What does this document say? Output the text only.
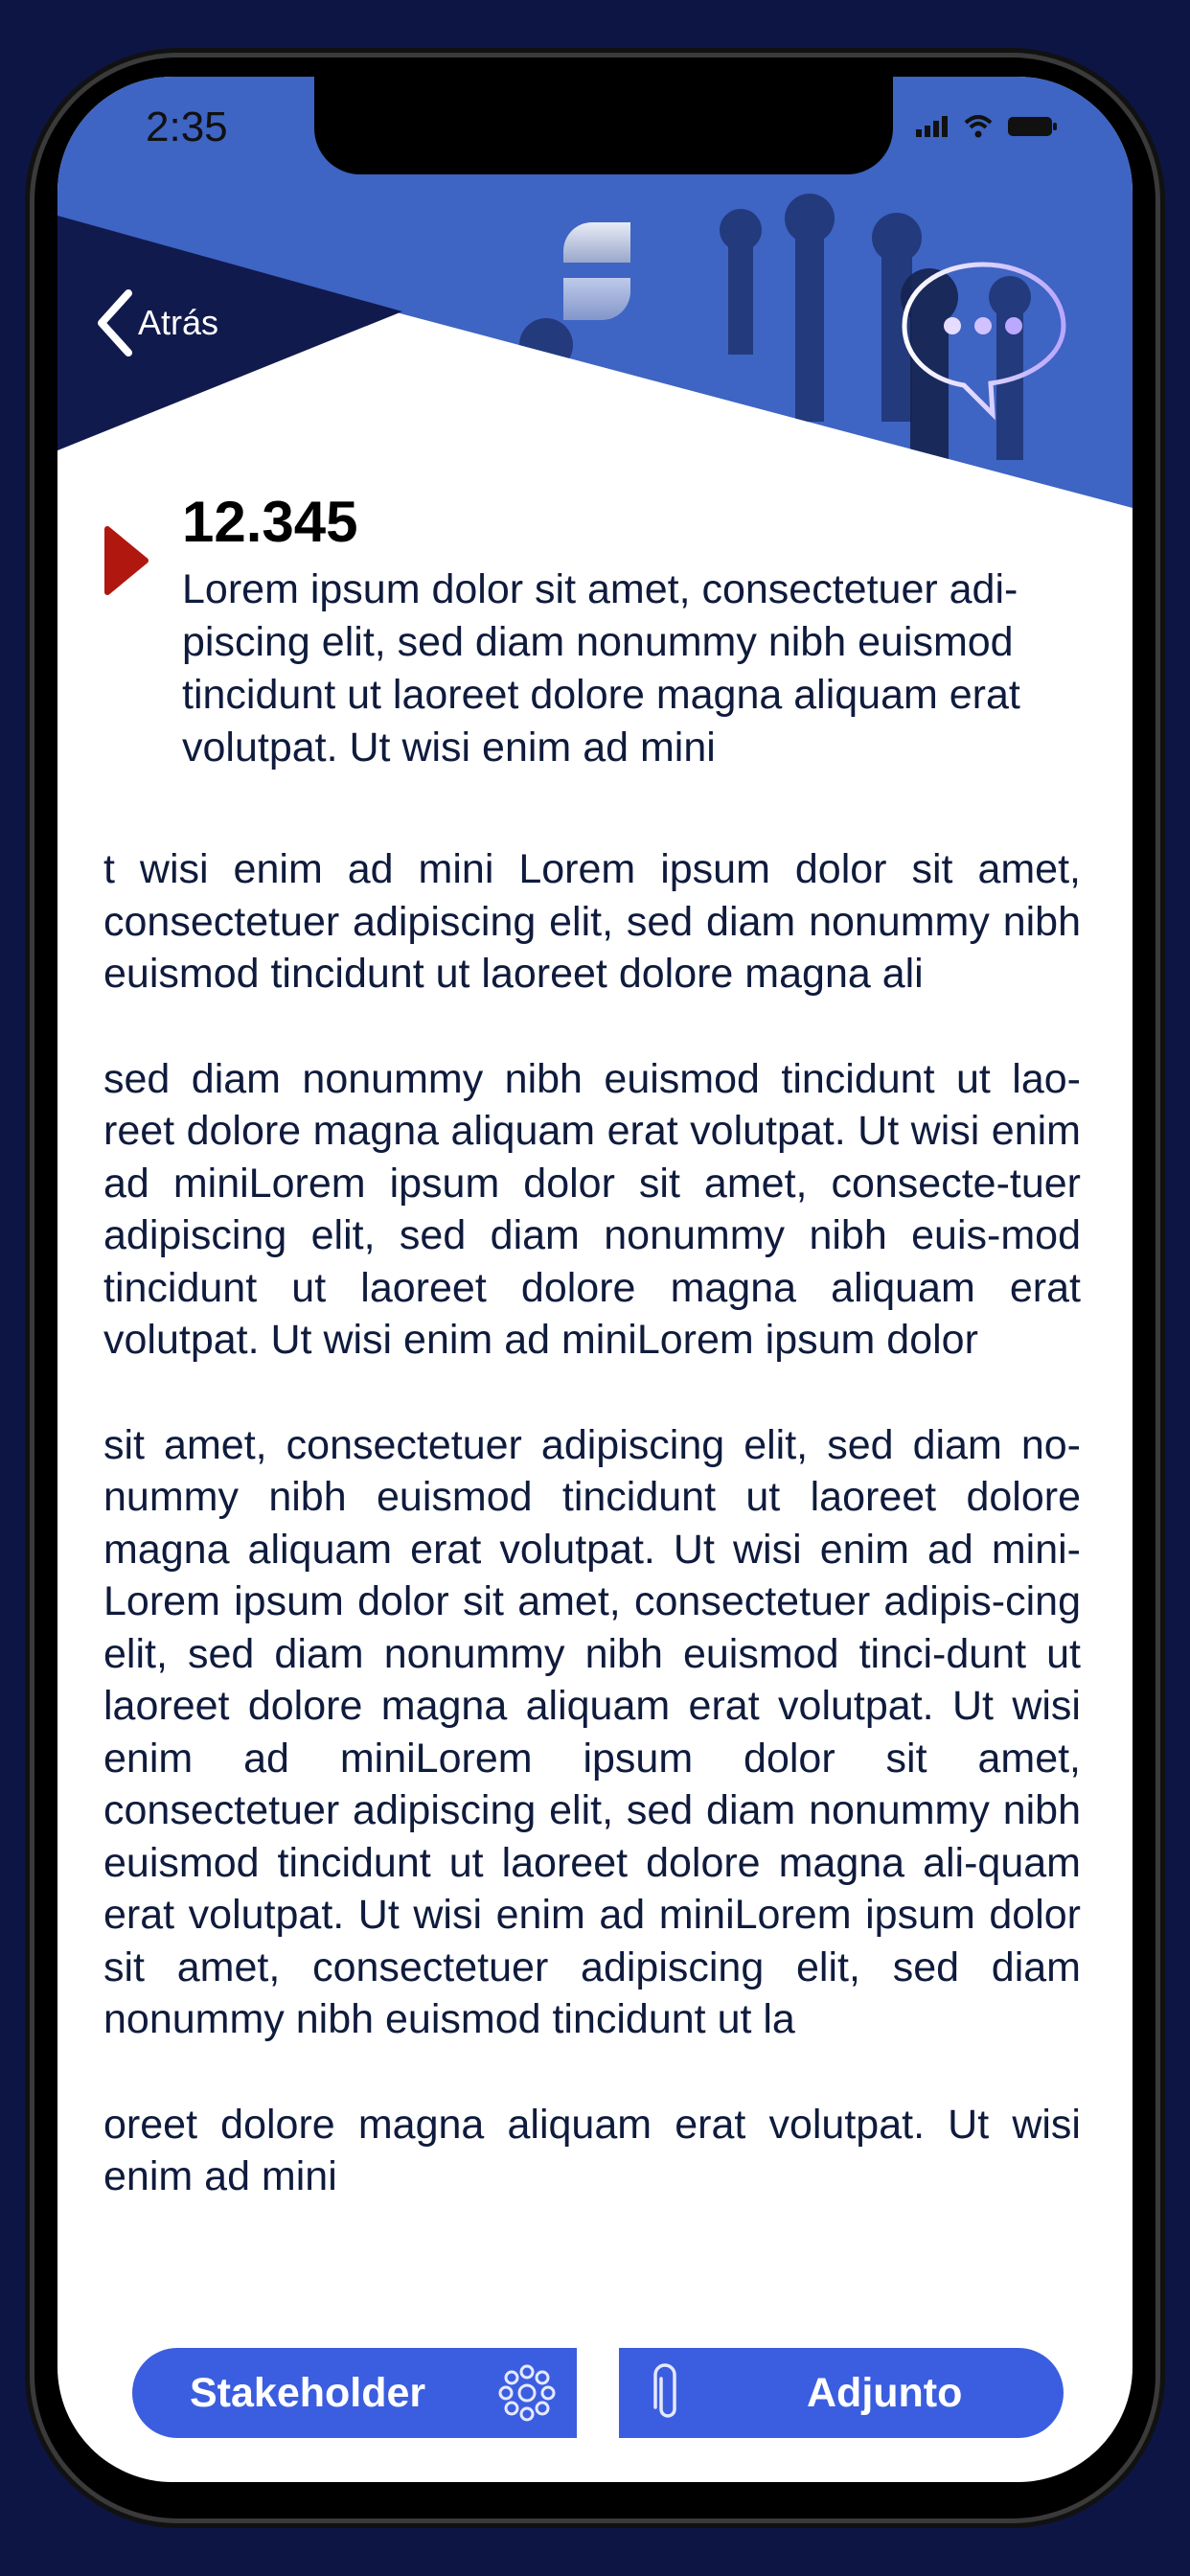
2:35
Atrás
12.345

Lorem ipsum dolor sit amet, consectetuer adi-piscing elit, sed diam nonummy nibh euismod tincidunt ut laoreet dolore magna aliquam erat volutpat. Ut wisi enim ad mini

t wisi enim ad mini Lorem ipsum dolor sit amet, consectetuer adipiscing elit, sed diam nonummy nibh euismod tincidunt ut laoreet dolore magna ali

sed diam nonummy nibh euismod tincidunt ut lao-reet dolore magna aliquam erat volutpat. Ut wisi enim ad miniLorem ipsum dolor sit amet, consecte-tuer adipiscing elit, sed diam nonummy nibh euis-mod tincidunt ut laoreet dolore magna aliquam erat volutpat. Ut wisi enim ad miniLorem ipsum dolor

sit amet, consectetuer adipiscing elit, sed diam no-nummy nibh euismod tincidunt ut laoreet dolore magna aliquam erat volutpat. Ut wisi enim ad mini-Lorem ipsum dolor sit amet, consectetuer adipis-cing elit, sed diam nonummy nibh euismod tinci-dunt ut laoreet dolore magna aliquam erat volutpat. Ut wisi enim ad miniLorem ipsum dolor sit amet, consectetuer adipiscing elit, sed diam nonummy nibh euismod tincidunt ut laoreet dolore magna ali-quam erat volutpat. Ut wisi enim ad miniLorem ipsum dolor sit amet, consectetuer adipiscing elit, sed diam nonummy nibh euismod tincidunt ut la

oreet dolore magna aliquam erat volutpat. Ut wisi enim ad mini

Stakeholder	Adjunto
